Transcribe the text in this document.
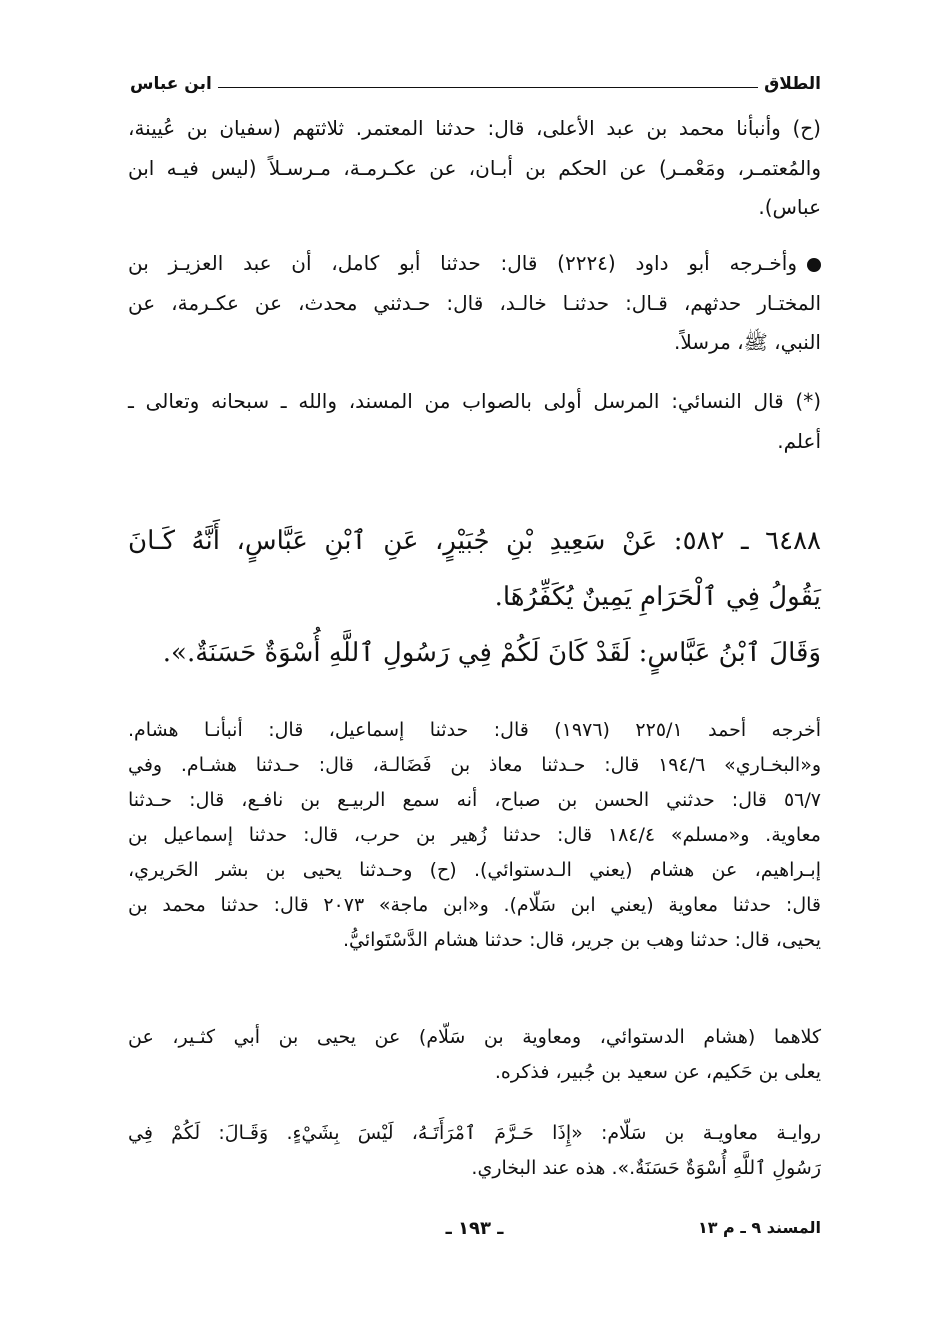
الطلاق
ابن عباس
(ح) وأنبأنا محمد بن عبد الأعلى، قال: حدثنا المعتمر. ثلاثتهم (سفيان بن عُيينة،
والمُعتمـر، ومَعْمـر) عن الحكم بن أبـان، عن عكـرمـة، مـرسـلاً (ليس فيـه ابن
عباس).
وأخـرجه أبو داود (٢٢٢٤) قال: حدثنا أبو كامل، أن عبد العزيـز بن
المختـار حدثهم، قـال: حدثنـا خالـد، قال: حـدثني محدث، عن عكـرمة، عن
النبي، ﷺ، مرسلاً.
(*) قال النسائي: المرسل أولى بالصواب من المسند، والله ـ سبحانه وتعالى ـ
أعلم.
٦٤٨٨ ـ ٥٨٢: عَنْ سَعِيدِ بْنِ جُبَيْرٍ، عَنِ ٱبْنِ عَبَّاسٍ، أَنَّهُ كَـانَ
يَقُولُ فِي ٱلْحَرَامِ يَمِينٌ يُكَفِّرُهَا.
وَقَالَ ٱبْنُ عَبَّاسٍ: لَقَدْ كَانَ لَكُمْ فِي رَسُولِ ٱللَّهِ أُسْوَةٌ حَسَنَةٌ.».
أخرجه أحمد ٢٢٥/١ (١٩٧٦) قال: حدثنا إسماعيل، قال: أنبأنـا هشام.
و«البخـاري» ١٩٤/٦ قال: حـدثنا معاذ بن فَضَالـة، قال: حـدثنا هشـام. وفي
٥٦/٧ قال: حدثني الحسن بن صباح، أنه سمع الربيـع بن نافـع، قال: حـدثنا
معاوية. و«مسلم» ١٨٤/٤ قال: حدثنا زُهير بن حرب، قال: حدثنا إسماعيل بن
إبـراهيم، عن هشام (يعني الـدستوائي). (ح) وحـدثنا يحيى بن بشر الحَريري،
قال: حدثنا معاوية (يعني ابن سَلّام). و«ابن ماجة» ٢٠٧٣ قال: حدثنا محمد بن
يحيى، قال: حدثنا وهب بن جرير، قال: حدثنا هشام الدَّسْتَوائيُّ.
كلاهما (هشام الدستوائي، ومعاوية بن سَلّام) عن يحيى بن أبي كثـير، عن
يعلى بن حَكيم، عن سعيد بن جُبير، فذكره.
روايـة معاويـة بن سَلّام: «إِذَا حَـرَّمَ ٱمْرَأَتَـهُ، لَيْسَ بِشَيْءٍ. وَقَـالَ: لَكُمْ فِي
رَسُولِ ٱللَّهِ أُسْوَةٌ حَسَنَةٌ.». هذه عند البخاري.
المسند ٩ ـ م ١٣
ـ ١٩٣ ـ
